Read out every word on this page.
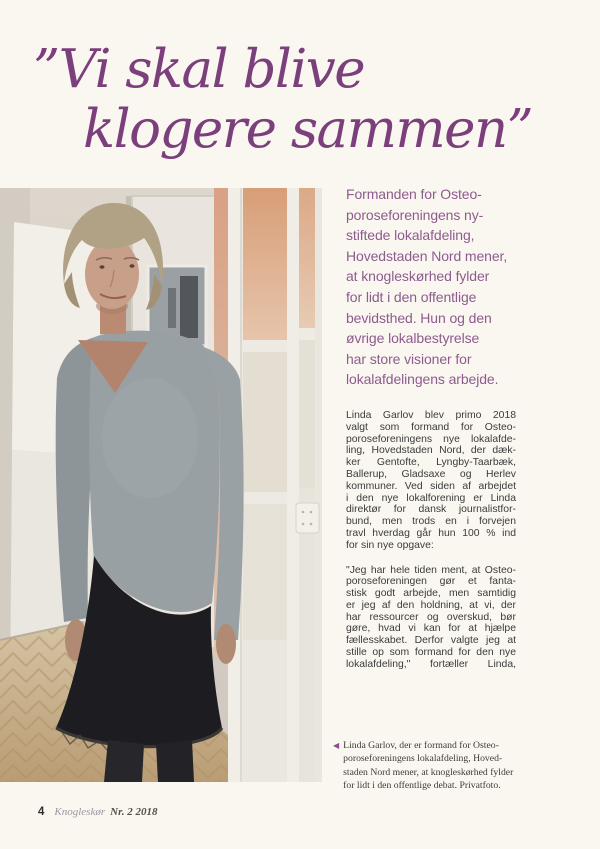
”Vi skal blive
klogere sammen”
Formanden for Osteo-
poroseforeningens ny-
stiftede lokalafdeling,
Hovedstaden Nord mener,
at knogleskørhed fylder
for lidt i den offentlige
bevidsthed. Hun og den
øvrige lokalbestyrelse
har store visioner for
lokalafdelingens arbejde.

Linda Garlov blev primo 2018
valgt som formand for Osteo-
poroseforeningens nye lokalafde-
ling, Hovedstaden Nord, der dæk-
ker Gentofte, Lyngby-Taarbæk,
Ballerup, Gladsaxe og Herlev
kommuner. Ved siden af arbejdet
i den nye lokalforening er Linda
direktør for dansk journalistfor-
bund, men trods en i forvejen
travl hverdag går hun 100 % ind
for sin nye opgave:

"Jeg har hele tiden ment, at Osteo-
poroseforeningen gør et fanta-
stisk godt arbejde, men samtidig
er jeg af den holdning, at vi, der
har ressourcer og overskud, bør
gøre, hvad vi kan for at hjælpe
fællesskabet. Derfor valgte jeg at
stille op som formand for den nye
lokalafdeling," fortæller Linda,

◀ Linda Garlov, der er formand for Osteo-
poroseforeningens lokalafdeling, Hoved-
staden Nord mener, at knogleskørhed fylder
for lidt i den offentlige debat. Privatfoto.
4 Knogleskør Nr. 2 2018
